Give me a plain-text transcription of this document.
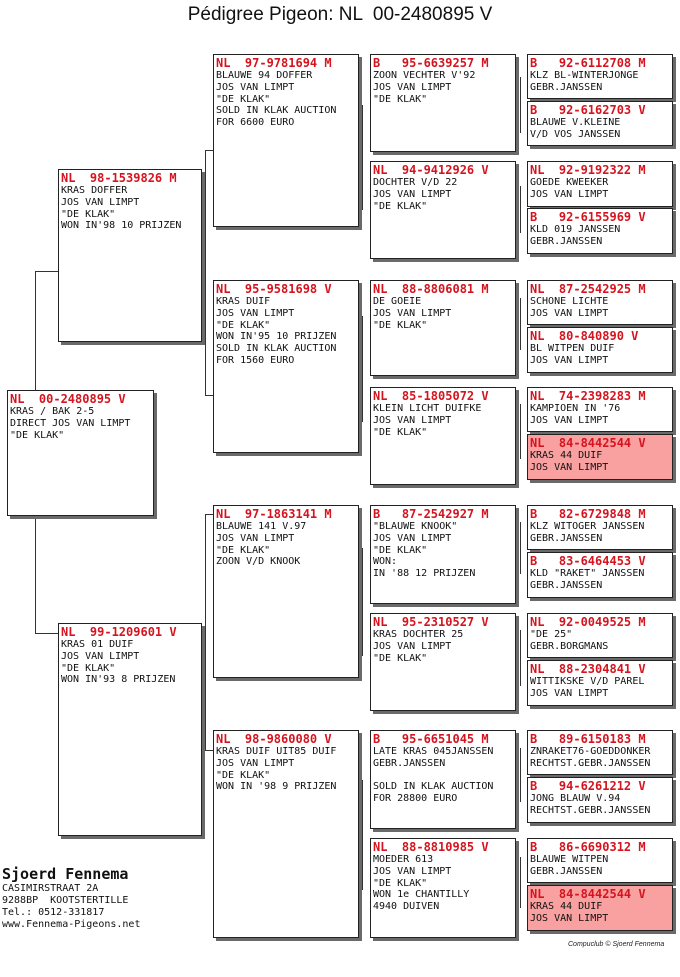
Pédigree Pigeon: NL  00-2480895 V
NL  00-2480895 V
KRAS / BAK 2-5
DIRECT JOS VAN LIMPT
"DE KLAK"
NL  98-1539826 M
KRAS DOFFER
JOS VAN LIMPT
"DE KLAK"
WON IN'98 10 PRIJZEN
NL  99-1209601 V
KRAS 01 DUIF
JOS VAN LIMPT
"DE KLAK"
WON IN'93 8 PRIJZEN
NL  97-9781694 M
BLAUWE 94 DOFFER
JOS VAN LIMPT
"DE KLAK"
SOLD IN KLAK AUCTION
FOR 6600 EURO
NL  95-9581698 V
KRAS DUIF
JOS VAN LIMPT
"DE KLAK"
WON IN'95 10 PRIJZEN
SOLD IN KLAK AUCTION
FOR 1560 EURO
NL  97-1863141 M
BLAUWE 141 V.97
JOS VAN LIMPT
"DE KLAK"
ZOON V/D KNOOK
NL  98-9860080 V
KRAS DUIF UIT85 DUIF
JOS VAN LIMPT
"DE KLAK"
WON IN '98 9 PRIJZEN
B   95-6639257 M
ZOON VECHTER V'92
JOS VAN LIMPT
"DE KLAK"
NL  94-9412926 V
DOCHTER V/D 22
JOS VAN LIMPT
"DE KLAK"
NL  88-8806081 M
DE GOEIE
JOS VAN LIMPT
"DE KLAK"
NL  85-1805072 V
KLEIN LICHT DUIFKE
JOS VAN LIMPT
"DE KLAK"
B   87-2542927 M
"BLAUWE KNOOK"
JOS VAN LIMPT
"DE KLAK"
WON:
IN '88 12 PRIJZEN
NL  95-2310527 V
KRAS DOCHTER 25
JOS VAN LIMPT
"DE KLAK"
B   95-6651045 M
LATE KRAS 045JANSSEN
GEBR.JANSSEN
SOLD IN KLAK AUCTION
FOR 28800 EURO
NL  88-8810985 V
MOEDER 613
JOS VAN LIMPT
"DE KLAK"
WON 1e CHANTILLY
4940 DUIVEN
B   92-6112708 M
KLZ BL-WINTERJONGE
GEBR.JANSSEN
B   92-6162703 V
BLAUWE V.KLEINE
V/D VOS JANSSEN
NL  92-9192322 M
GOEDE KWEEKER
JOS VAN LIMPT
B   92-6155969 V
KLD 019 JANSSEN
GEBR.JANSSEN
NL  87-2542925 M
SCHONE LICHTE
JOS VAN LIMPT
NL  80-840890 V
BL WITPEN DUIF
JOS VAN LIMPT
NL  74-2398283 M
KAMPIOEN IN '76
JOS VAN LIMPT
NL  84-8442544 V
KRAS 44 DUIF
JOS VAN LIMPT
B   82-6729848 M
KLZ WITOGER JANSSEN
GEBR.JANSSEN
B   83-6464453 V
KLD "RAKET" JANSSEN
GEBR.JANSSEN
NL  92-0049525 M
"DE 25"
GEBR.BORGMANS
NL  88-2304841 V
WITTIKSKE V/D PAREL
JOS VAN LIMPT
B   89-6150183 M
ZNRAKET76-GOEDDONKER
RECHTST.GEBR.JANSSEN
B   94-6261212 V
JONG BLAUW V.94
RECHTST.GEBR.JANSSEN
B   86-6690312 M
BLAUWE WITPEN
GEBR.JANSSEN
NL  84-8442544 V
KRAS 44 DUIF
JOS VAN LIMPT
Sjoerd Fennema
CASIMIRSTRAAT 2A
9288BP  KOOTSTERTILLE
Tel.: 0512-331817
www.Fennema-Pigeons.net
Compuclub © Sjoerd Fennema
